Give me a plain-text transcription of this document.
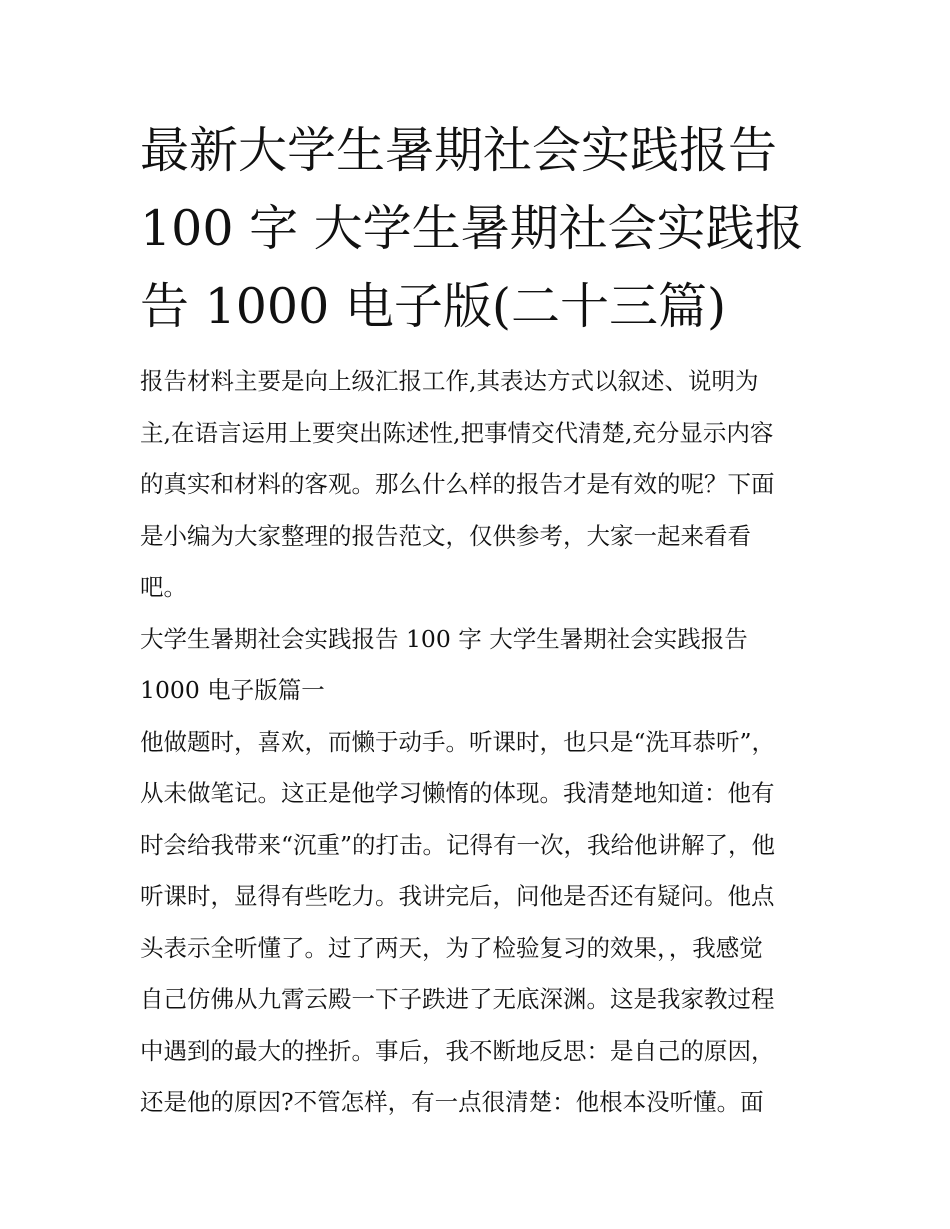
最新大学生暑期社会实践报告
100 字 大学生暑期社会实践报
告 1000 电子版(二十三篇)

报告材料主要是向上级汇报工作,其表达方式以叙述、说明为
主,在语言运用上要突出陈述性,把事情交代清楚,充分显示内容
的真实和材料的客观。那么什么样的报告才是有效的呢？下面
是小编为大家整理的报告范文，仅供参考，大家一起来看看
吧。

大学生暑期社会实践报告 100 字 大学生暑期社会实践报告
1000 电子版篇一

他做题时，喜欢，而懒于动手。听课时，也只是“洗耳恭听”，
从未做笔记。这正是他学习懒惰的体现。我清楚地知道：他有
时会给我带来“沉重”的打击。记得有一次，我给他讲解了，他
听课时，显得有些吃力。我讲完后，问他是否还有疑问。他点
头表示全听懂了。过了两天，为了检验复习的效果，，我感觉
自己仿佛从九霄云殿一下子跌进了无底深渊。这是我家教过程
中遇到的最大的挫折。事后，我不断地反思：是自己的原因，
还是他的原因?不管怎样，有一点很清楚：他根本没听懂。面
